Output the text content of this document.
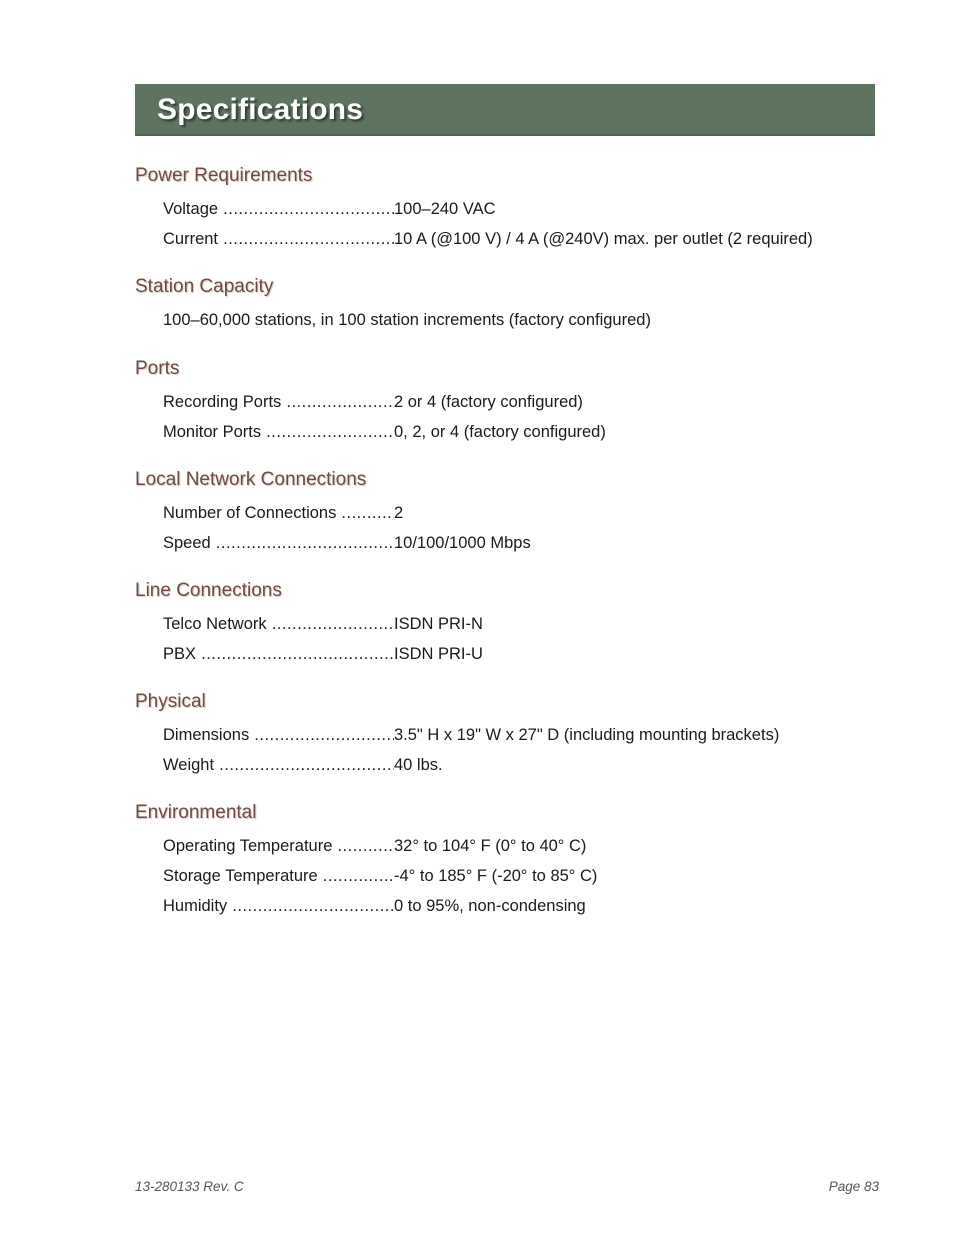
Specifications
Power Requirements
Voltage .....	100–240 VAC
Current .....	10 A (@100 V) / 4 A (@240V) max. per outlet (2 required)
Station Capacity
100–60,000 stations, in 100 station increments (factory configured)
Ports
Recording Ports .....	2 or 4 (factory configured)
Monitor Ports .....	0, 2, or 4 (factory configured)
Local Network Connections
Number of Connections .....	2
Speed .....	10/100/1000 Mbps
Line Connections
Telco Network .....	ISDN PRI-N
PBX .....	ISDN PRI-U
Physical
Dimensions .....	3.5" H x 19" W x 27" D (including mounting brackets)
Weight .....	40 lbs.
Environmental
Operating Temperature .....	32° to 104° F (0° to 40° C)
Storage Temperature .....	-4° to 185° F (-20° to 85° C)
Humidity .....	0 to 95%, non-condensing
13-280133 Rev. C	Page 83
